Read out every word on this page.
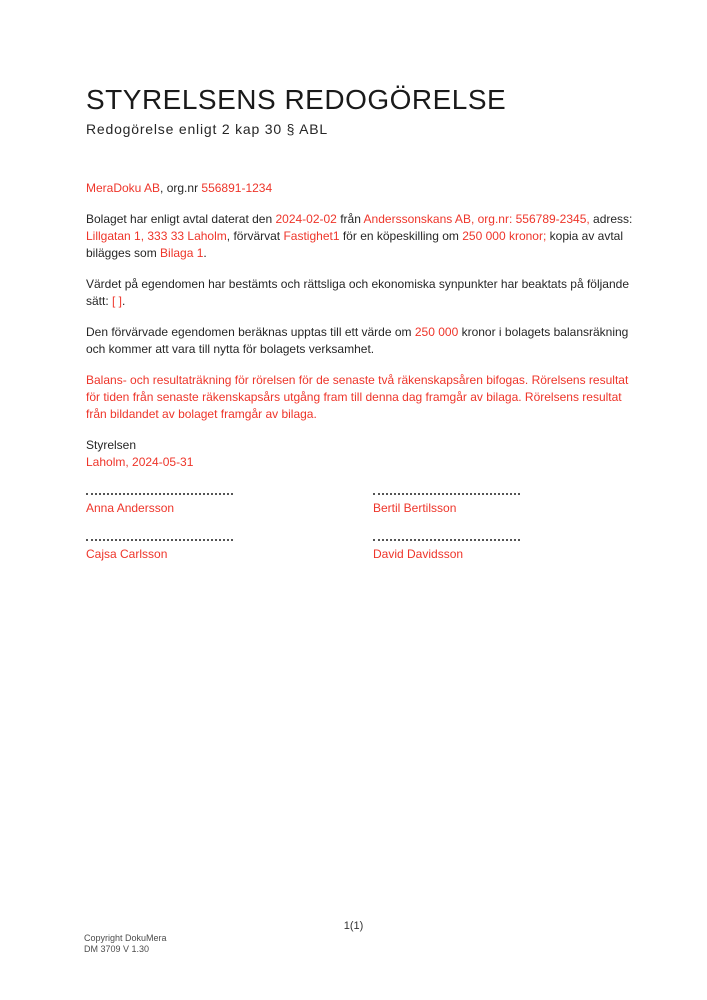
STYRELSENS REDOGÖRELSE
Redogörelse enligt 2 kap 30 § ABL

MeraDoku AB, org.nr 556891-1234

Bolaget har enligt avtal daterat den 2024-02-02 från Anderssonskans AB, org.nr: 556789-2345, adress: Lillgatan 1, 333 33 Laholm, förvärvat Fastighet1 för en köpeskilling om 250 000 kronor; kopia av avtal bilägges som Bilaga 1.

Värdet på egendomen har bestämts och rättsliga och ekonomiska synpunkter har beaktats på följande sätt: [ ].

Den förvärvade egendomen beräknas upptas till ett värde om 250 000 kronor i bolagets balansräkning och kommer att vara till nytta för bolagets verksamhet.

Balans- och resultaträkning för rörelsen för de senaste två räkenskapsåren bifogas. Rörelsens resultat för tiden från senaste räkenskapsårs utgång fram till denna dag framgår av bilaga. Rörelsens resultat från bildandet av bolaget framgår av bilaga.

Styrelsen
Laholm, 2024-05-31

Anna Andersson	Bertil Bertilsson
Cajsa Carlsson	David Davidsson
1(1)
Copyright DokuMera
DM 3709 V 1.30
